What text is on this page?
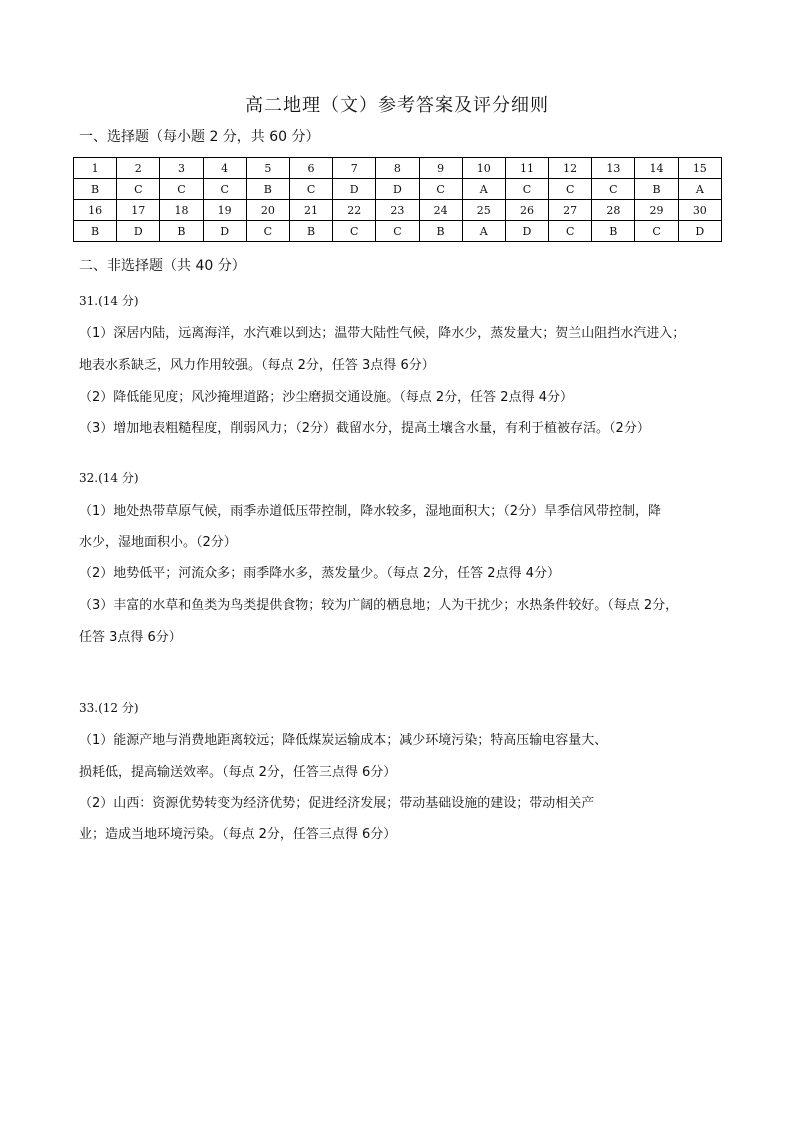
高二地理（文）参考答案及评分细则
一、选择题（每小题 2 分，共 60 分）
1	2	3	4	5	6	7	8	9	10	11	12	13	14	15
B	C	C	C	B	C	D	D	C	A	C	C	C	B	A
16	17	18	19	20	21	22	23	24	25	26	27	28	29	30
B	D	B	D	C	B	C	C	B	A	D	C	B	C	D
二、非选择题（共 40 分）
31.(14 分)
（1）深居内陆，远离海洋，水汽难以到达；温带大陆性气候，降水少，蒸发量大；贺兰山阻挡水汽进入；
地表水系缺乏，风力作用较强。（每点 2分，任答 3点得 6分）
（2）降低能见度；风沙掩埋道路；沙尘磨损交通设施。（每点 2分，任答 2点得 4分）
（3）增加地表粗糙程度，削弱风力；（2分）截留水分，提高土壤含水量，有利于植被存活。（2分）
32.(14 分)
（1）地处热带草原气候，雨季赤道低压带控制，降水较多，湿地面积大；（2分）旱季信风带控制，降
水少，湿地面积小。（2分）
（2）地势低平；河流众多；雨季降水多，蒸发量少。（每点 2分，任答 2点得 4分）
（3）丰富的水草和鱼类为鸟类提供食物；较为广阔的栖息地；人为干扰少；水热条件较好。（每点 2分，
任答 3点得 6分）
33.(12 分)
（1）能源产地与消费地距离较远；降低煤炭运输成本；减少环境污染；特高压输电容量大、
损耗低，提高输送效率。（每点 2分，任答三点得 6分）
（2）山西：资源优势转变为经济优势；促进经济发展；带动基础设施的建设；带动相关产
业；造成当地环境污染。（每点 2分，任答三点得 6分）
